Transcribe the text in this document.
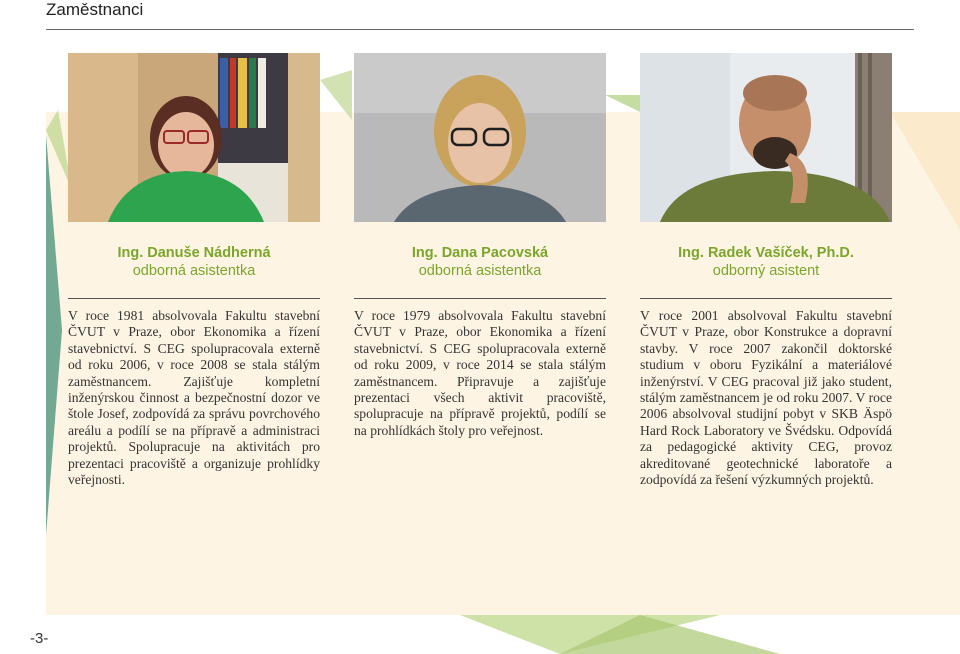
Zaměstnanci
Ing. Danuše Nádherná
odborná asistentka
Ing. Dana Pacovská
odborná asistentka
Ing. Radek Vašíček, Ph.D.
odborný asistent
V roce 1981 absolvovala Fakultu stavební ČVUT v Praze, obor Ekonomika a řízení stavebnictví. S CEG spolupracovala externě od roku 2006, v roce 2008 se stala stálým zaměstnancem. Zajišťuje kompletní inženýrskou činnost a bezpečnostní dozor ve štole Josef, zodpovídá za správu povrchového areálu a podílí se na přípravě a administraci projektů. Spolupracuje na aktivitách pro prezentaci pracoviště a organizuje prohlídky veřejnosti.
V roce 1979 absolvovala Fakultu stavební ČVUT v Praze, obor Ekonomika a řízení stavebnictví. S CEG spolupracovala externě od roku 2009, v roce 2014 se stala stálým zaměstnancem. Připravuje a zajišťuje prezentaci všech aktivit pracoviště, spolupracuje na přípravě projektů, podílí se na prohlídkách štoly pro veřejnost.
V roce 2001 absolvoval Fakultu stavební ČVUT v Praze, obor Konstrukce a dopravní stavby. V roce 2007 zakončil doktorské studium v oboru Fyzikální a materiálové inženýrství. V CEG pracoval již jako student, stálým zaměstnancem je od roku 2007. V roce 2006 absolvoval studijní pobyt v SKB Äspö Hard Rock Laboratory ve Švédsku. Odpovídá za pedagogické aktivity CEG, provoz akreditované geotechnické laboratoře a zodpovídá za řešení výzkumných projektů.
-3-
